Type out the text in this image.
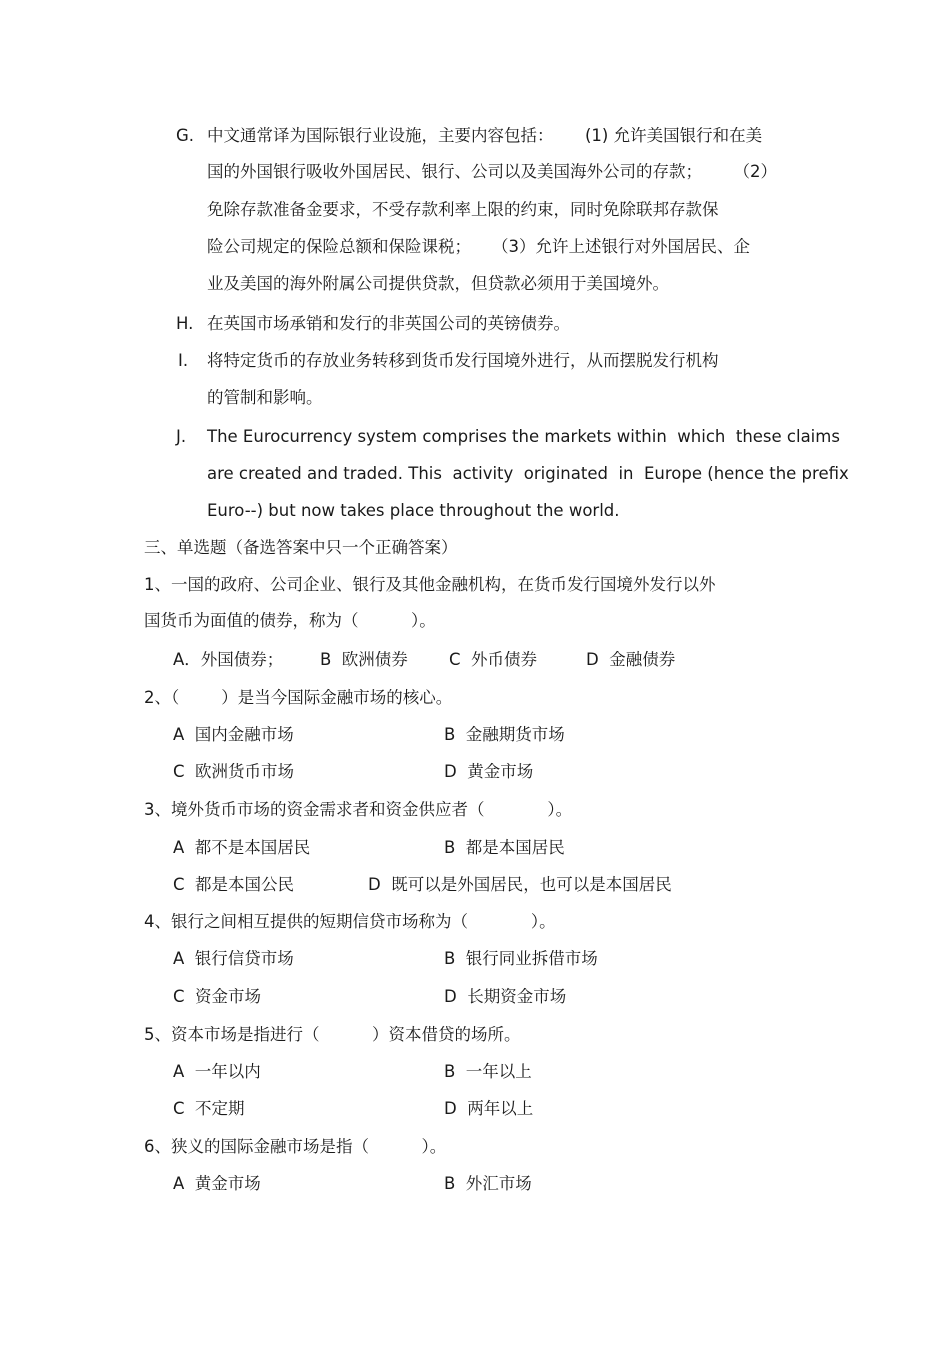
G. 中文通常译为国际银行业设施，主要内容包括：      (1) 允许美国银行和在美
国的外国银行吸收外国居民、银行、公司以及美国海外公司的存款；      （2）
免除存款准备金要求，不受存款利率上限的约束，同时免除联邦存款保
险公司规定的保险总额和保险课税；    （3）允许上述银行对外国居民、企
业及美国的海外附属公司提供贷款，但贷款必须用于美国境外。
H. 在英国市场承销和发行的非英国公司的英镑债券。
I. 将特定货币的存放业务转移到货币发行国境外进行，从而摆脱发行机构
的管制和影响。
J. The Eurocurrency system comprises the markets within  which  these claims
are created and traded. This  activity  originated  in  Europe (hence the prefix
Euro--) but now takes place throughout the world.
三、单选题（备选答案中只一个正确答案）
1、一国的政府、公司企业、银行及其他金融机构，在货币发行国境外发行以外
国货币为面值的债券，称为（          ）。
A．外国债券； B  欧洲债券 C  外币债券	D  金融债券
2、（        ）是当今国际金融市场的核心。
A  国内金融市场	B  金融期货市场
C  欧洲货币市场	D  黄金市场
3、境外货币市场的资金需求者和资金供应者（            ）。
A  都不是本国居民	B  都是本国居民
C  都是本国公民	D  既可以是外国居民，也可以是本国居民
4、银行之间相互提供的短期信贷市场称为（            ）。
A  银行信贷市场	B  银行同业拆借市场
C  资金市场	D  长期资金市场
5、资本市场是指进行（          ）资本借贷的场所。
A  一年以内	B  一年以上
C  不定期	D  两年以上
6、狭义的国际金融市场是指（          ）。
A  黄金市场	B  外汇市场
